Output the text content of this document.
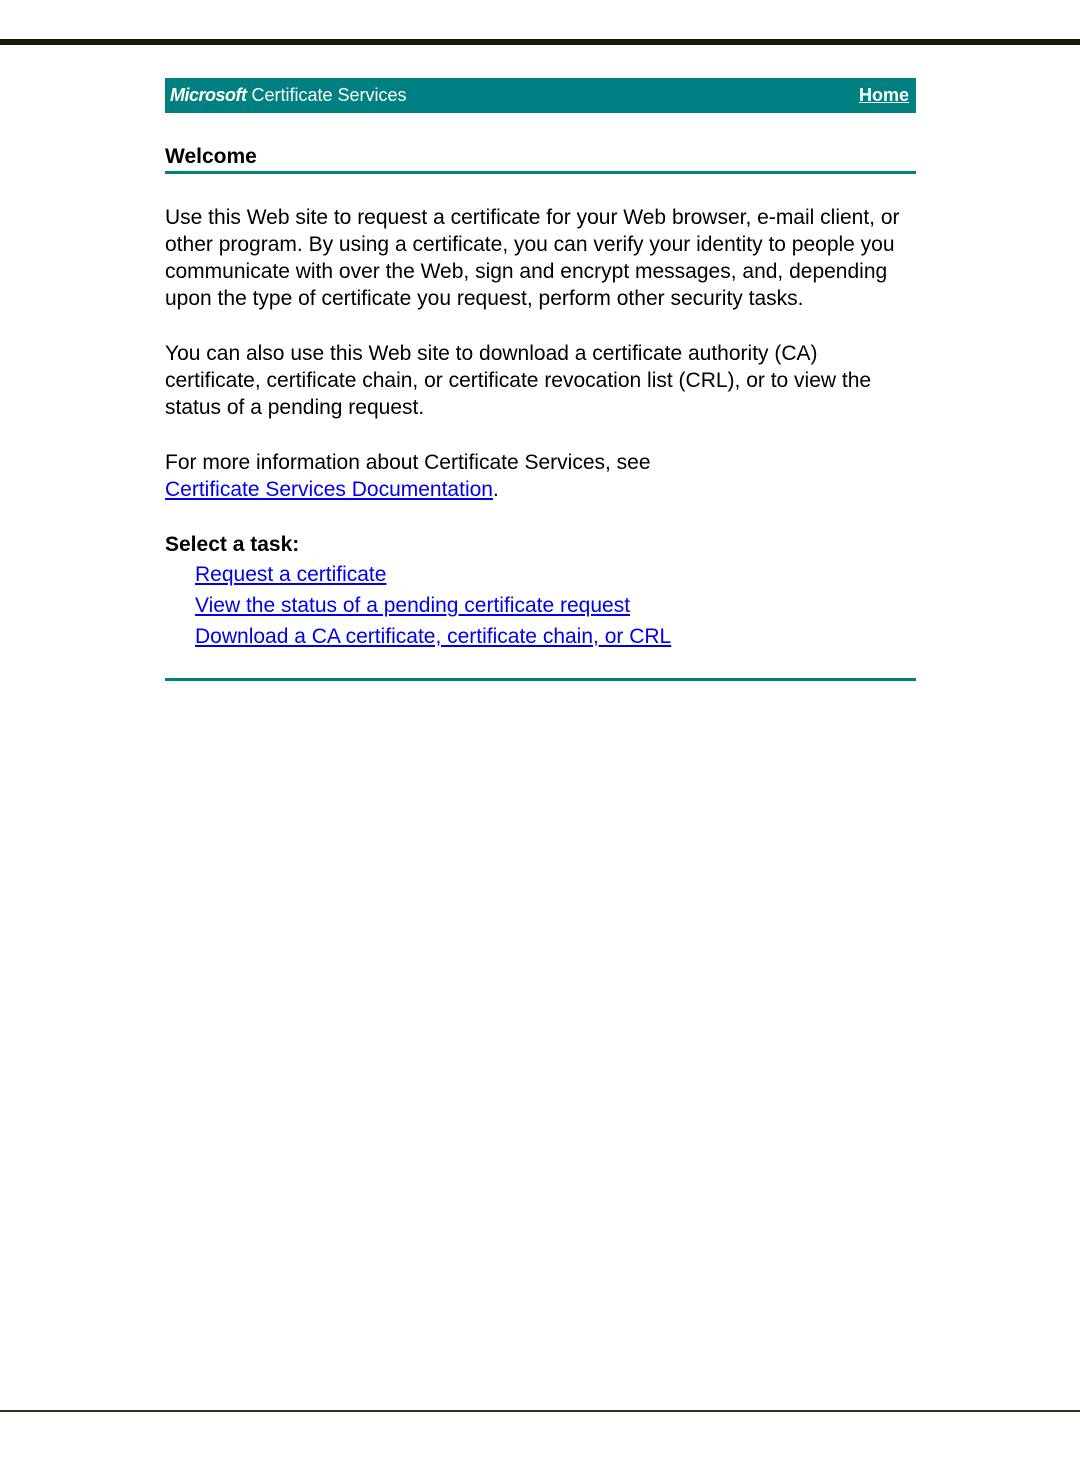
Microsoft Certificate Services	Home
Welcome

Use this Web site to request a certificate for your Web browser, e-mail client, or other program. By using a certificate, you can verify your identity to people you communicate with over the Web, sign and encrypt messages, and, depending upon the type of certificate you request, perform other security tasks.

You can also use this Web site to download a certificate authority (CA) certificate, certificate chain, or certificate revocation list (CRL), or to view the status of a pending request.

For more information about Certificate Services, see
Certificate Services Documentation.

Select a task:
Request a certificate
View the status of a pending certificate request
Download a CA certificate, certificate chain, or CRL
